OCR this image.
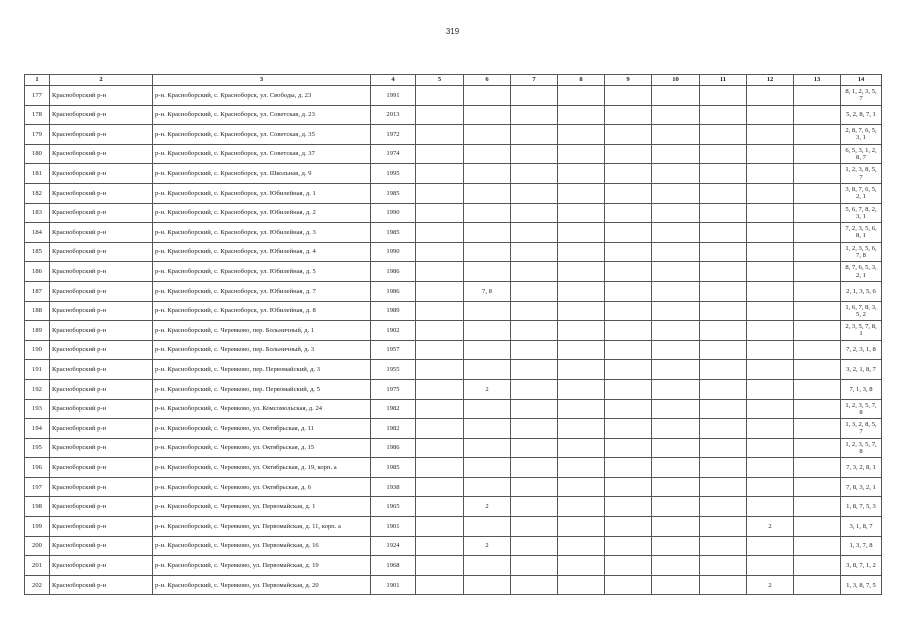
319
1	2	3	4	5	6	7	8	9	10	11	12	13	14
177	Красноборский р-н	р-н. Красноборский, с. Красноборск, ул. Свободы, д. 23	1991										8, 1, 2, 3, 5, 7
178	Красноборский р-н	р-н. Красноборский, с. Красноборск, ул. Советская, д. 23	2013										5, 2, 8, 7, 1
179	Красноборский р-н	р-н. Красноборский, с. Красноборск, ул. Советская, д. 35	1972										2, 8, 7, 6, 5, 3, 1
180	Красноборский р-н	р-н. Красноборский, с. Красноборск, ул. Советская, д. 37	1974										6, 5, 3, 1, 2, 8, 7
181	Красноборский р-н	р-н. Красноборский, с. Красноборск, ул. Школьная, д. 9	1995										1, 2, 3, 8, 5, 7
182	Красноборский р-н	р-н. Красноборский, с. Красноборск, ул. Юбилейная, д. 1	1985										3, 8, 7, 6, 5, 2, 1
183	Красноборский р-н	р-н. Красноборский, с. Красноборск, ул. Юбилейная, д. 2	1990										5, 6, 7, 8, 2, 3, 1
184	Красноборский р-н	р-н. Красноборский, с. Красноборск, ул. Юбилейная, д. 3	1985										7, 2, 3, 5, 6, 8, 1
185	Красноборский р-н	р-н. Красноборский, с. Красноборск, ул. Юбилейная, д. 4	1990										1, 2, 3, 5, 6, 7, 8
186	Красноборский р-н	р-н. Красноборский, с. Красноборск, ул. Юбилейная, д. 5	1986										8, 7, 6, 5, 3, 2, 1
187	Красноборский р-н	р-н. Красноборский, с. Красноборск, ул. Юбилейная, д. 7	1986		7, 8								2, 1, 3, 5, 6
188	Красноборский р-н	р-н. Красноборский, с. Красноборск, ул. Юбилейная, д. 8	1989										1, 6, 7, 8, 3, 5, 2
189	Красноборский р-н	р-н. Красноборский, с. Черевково, пер. Больничный, д. 1	1902										2, 3, 5, 7, 8, 1
190	Красноборский р-н	р-н. Красноборский, с. Черевково, пер. Больничный, д. 3	1957										7, 2, 3, 1, 8
191	Красноборский р-н	р-н. Красноборский, с. Черевково, пер. Первомайский, д. 3	1955										3, 2, 1, 8, 7
192	Красноборский р-н	р-н. Красноборский, с. Черевково, пер. Первомайский, д. 5	1975		2								7, 1, 3, 8
193	Красноборский р-н	р-н. Красноборский, с. Черевково, ул. Комсомольская, д. 24	1982										1, 2, 3, 5, 7, 8
194	Красноборский р-н	р-н. Красноборский, с. Черевково, ул. Октябрьская, д. 11	1982										1, 3, 2, 8, 5, 7
195	Красноборский р-н	р-н. Красноборский, с. Черевково, ул. Октябрьская, д. 15	1986										1, 2, 3, 5, 7, 8
196	Красноборский р-н	р-н. Красноборский, с. Черевково, ул. Октябрьская, д. 19, корп. а	1985										7, 3, 2, 8, 1
197	Красноборский р-н	р-н. Красноборский, с. Черевково, ул. Октябрьская, д. 6	1938										7, 8, 3, 2, 1
198	Красноборский р-н	р-н. Красноборский, с. Черевково, ул. Первомайская, д. 1	1965		2								1, 8, 7, 5, 3
199	Красноборский р-н	р-н. Красноборский, с. Черевково, ул. Первомайская, д. 11, корп. а	1901								2		3, 1, 8, 7
200	Красноборский р-н	р-н. Красноборский, с. Черевково, ул. Первомайская, д. 16	1924		2								1, 3, 7, 8
201	Красноборский р-н	р-н. Красноборский, с. Черевково, ул. Первомайская, д. 19	1968										3, 8, 7, 1, 2
202	Красноборский р-н	р-н. Красноборский, с. Черевково, ул. Первомайская, д. 20	1901								2		1, 3, 8, 7, 5
